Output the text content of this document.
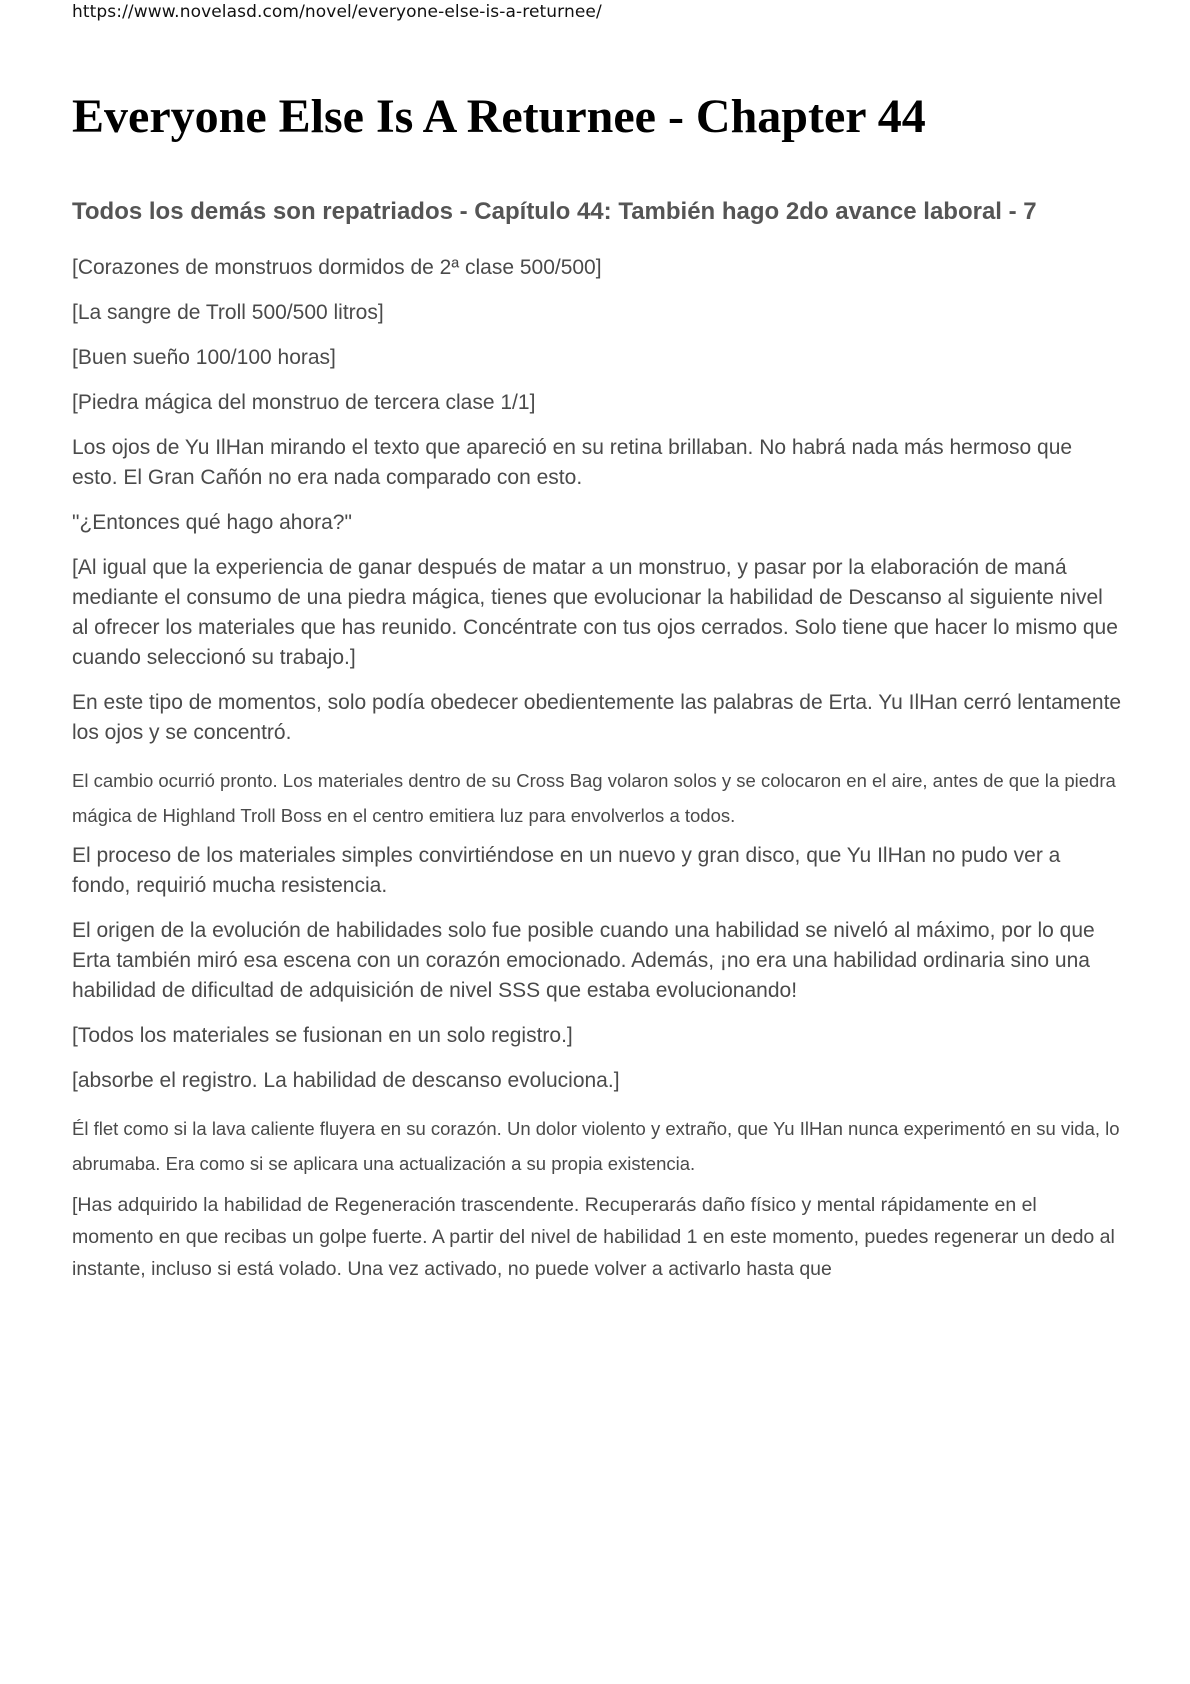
https://www.novelasd.com/novel/everyone-else-is-a-returnee/
Everyone Else Is A Returnee - Chapter 44
Todos los demás son repatriados - Capítulo 44: También hago 2do avance laboral - 7

[Corazones de monstruos dormidos de 2ª clase 500/500]

[La sangre de Troll 500/500 litros]

[Buen sueño 100/100 horas]

[Piedra mágica del monstruo de tercera clase 1/1]

Los ojos de Yu IlHan mirando el texto que apareció en su retina brillaban. No habrá nada más hermoso que esto. El Gran Cañón no era nada comparado con esto.

"¿Entonces qué hago ahora?"

[Al igual que la experiencia de ganar después de matar a un monstruo, y pasar por la elaboración de maná mediante el consumo de una piedra mágica, tienes que evolucionar la habilidad de Descanso al siguiente nivel al ofrecer los materiales que has reunido. Concéntrate con tus ojos cerrados. Solo tiene que hacer lo mismo que cuando seleccionó su trabajo.]

En este tipo de momentos, solo podía obedecer obedientemente las palabras de Erta. Yu IlHan cerró lentamente los ojos y se concentró.

El cambio ocurrió pronto. Los materiales dentro de su Cross Bag volaron solos y se colocaron en el aire, antes de que la piedra mágica de Highland Troll Boss en el centro emitiera luz para envolverlos a todos.

El proceso de los materiales simples convirtiéndose en un nuevo y gran disco, que Yu IlHan no pudo ver a fondo, requirió mucha resistencia.

El origen de la evolución de habilidades solo fue posible cuando una habilidad se niveló al máximo, por lo que Erta también miró esa escena con un corazón emocionado. Además, ¡no era una habilidad ordinaria sino una habilidad de dificultad de adquisición de nivel SSS que estaba evolucionando!

[Todos los materiales se fusionan en un solo registro.]

[absorbe el registro. La habilidad de descanso evoluciona.]

Él flet como si la lava caliente fluyera en su corazón. Un dolor violento y extraño, que Yu IlHan nunca experimentó en su vida, lo abrumaba. Era como si se aplicara una actualización a su propia existencia.

[Has adquirido la habilidad de Regeneración trascendente. Recuperarás daño físico y mental rápidamente en el momento en que recibas un golpe fuerte. A partir del nivel de habilidad 1 en este momento, puedes regenerar un dedo al instante, incluso si está volado. Una vez activado, no puede volver a activarlo hasta que
